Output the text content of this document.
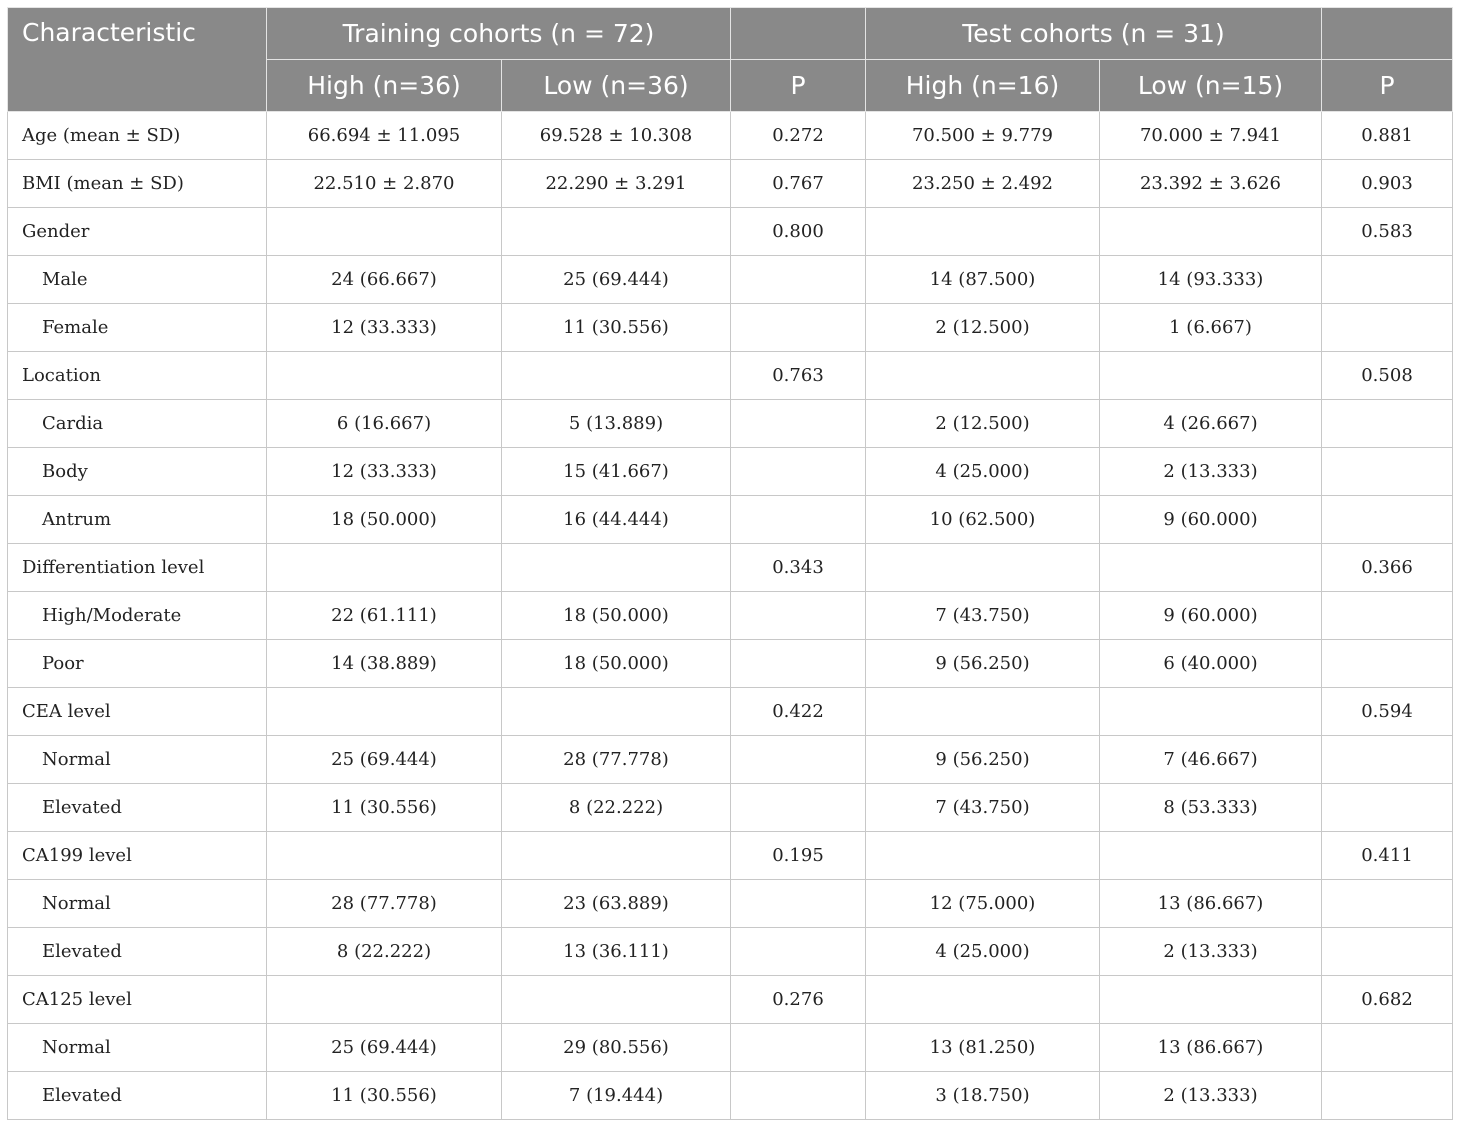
Characteristic	Training cohorts (n = 72)			Test cohorts (n = 31)		
	High (n=36)	Low (n=36)	P	High (n=16)	Low (n=15)	P
Age (mean ± SD)	66.694 ± 11.095	69.528 ± 10.308	0.272	70.500 ± 9.779	70.000 ± 7.941	0.881
BMI (mean ± SD)	22.510 ± 2.870	22.290 ± 3.291	0.767	23.250 ± 2.492	23.392 ± 3.626	0.903
Gender			0.800			0.583
Male	24 (66.667)	25 (69.444)		14 (87.500)	14 (93.333)	
Female	12 (33.333)	11 (30.556)		2 (12.500)	1 (6.667)	
Location			0.763			0.508
Cardia	6 (16.667)	5 (13.889)		2 (12.500)	4 (26.667)	
Body	12 (33.333)	15 (41.667)		4 (25.000)	2 (13.333)	
Antrum	18 (50.000)	16 (44.444)		10 (62.500)	9 (60.000)	
Differentiation level			0.343			0.366
High/Moderate	22 (61.111)	18 (50.000)		7 (43.750)	9 (60.000)	
Poor	14 (38.889)	18 (50.000)		9 (56.250)	6 (40.000)	
CEA level			0.422			0.594
Normal	25 (69.444)	28 (77.778)		9 (56.250)	7 (46.667)	
Elevated	11 (30.556)	8 (22.222)		7 (43.750)	8 (53.333)	
CA199 level			0.195			0.411
Normal	28 (77.778)	23 (63.889)		12 (75.000)	13 (86.667)	
Elevated	8 (22.222)	13 (36.111)		4 (25.000)	2 (13.333)	
CA125 level			0.276			0.682
Normal	25 (69.444)	29 (80.556)		13 (81.250)	13 (86.667)	
Elevated	11 (30.556)	7 (19.444)		3 (18.750)	2 (13.333)	
